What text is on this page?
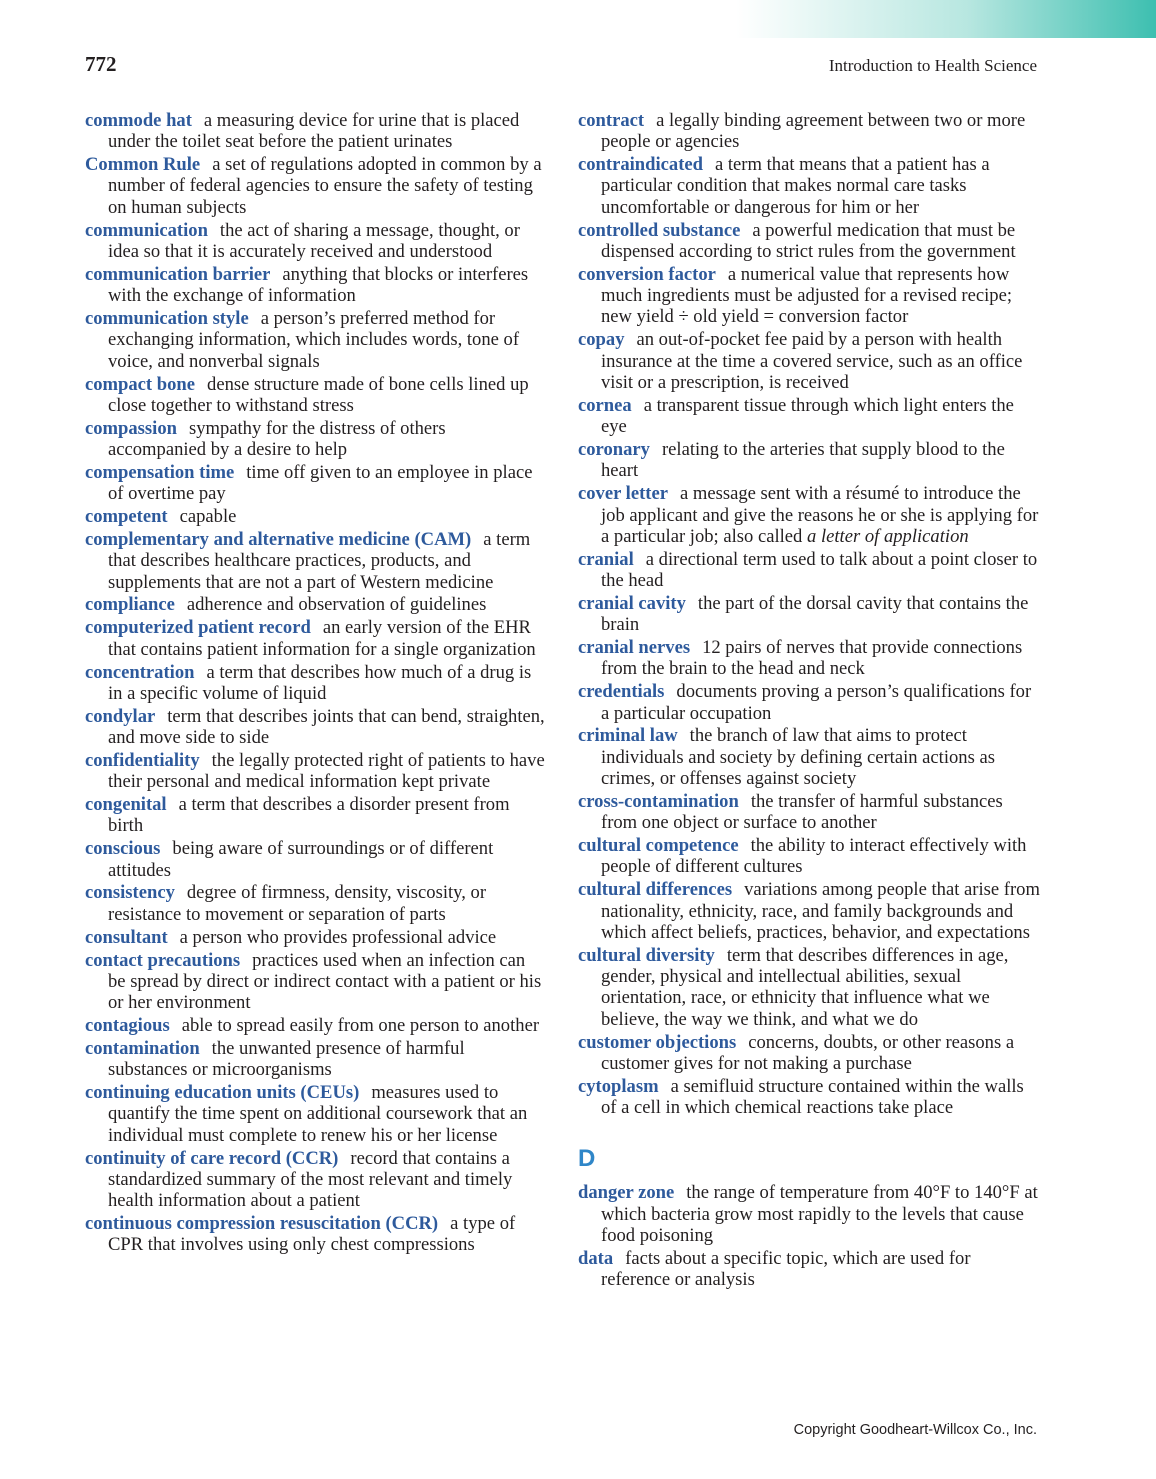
772	Introduction to Health Science
commode hat a measuring device for urine that is placed under the toilet seat before the patient urinates
Common Rule a set of regulations adopted in common by a number of federal agencies to ensure the safety of testing on human subjects
communication the act of sharing a message, thought, or idea so that it is accurately received and understood
communication barrier anything that blocks or interferes with the exchange of information
communication style a person’s preferred method for exchanging information, which includes words, tone of voice, and nonverbal signals
compact bone dense structure made of bone cells lined up close together to withstand stress
compassion sympathy for the distress of others accompanied by a desire to help
compensation time time off given to an employee in place of overtime pay
competent capable
complementary and alternative medicine (CAM) a term that describes healthcare practices, products, and supplements that are not a part of Western medicine
compliance adherence and observation of guidelines
computerized patient record an early version of the EHR that contains patient information for a single organization
concentration a term that describes how much of a drug is in a specific volume of liquid
condylar term that describes joints that can bend, straighten, and move side to side
confidentiality the legally protected right of patients to have their personal and medical information kept private
congenital a term that describes a disorder present from birth
conscious being aware of surroundings or of different attitudes
consistency degree of firmness, density, viscosity, or resistance to movement or separation of parts
consultant a person who provides professional advice
contact precautions practices used when an infection can be spread by direct or indirect contact with a patient or his or her environment
contagious able to spread easily from one person to another
contamination the unwanted presence of harmful substances or microorganisms
continuing education units (CEUs) measures used to quantify the time spent on additional coursework that an individual must complete to renew his or her license
continuity of care record (CCR) record that contains a standardized summary of the most relevant and timely health information about a patient
continuous compression resuscitation (CCR) a type of CPR that involves using only chest compressions
contract a legally binding agreement between two or more people or agencies
contraindicated a term that means that a patient has a particular condition that makes normal care tasks uncomfortable or dangerous for him or her
controlled substance a powerful medication that must be dispensed according to strict rules from the government
conversion factor a numerical value that represents how much ingredients must be adjusted for a revised recipe; new yield ÷ old yield = conversion factor
copay an out-of-pocket fee paid by a person with health insurance at the time a covered service, such as an office visit or a prescription, is received
cornea a transparent tissue through which light enters the eye
coronary relating to the arteries that supply blood to the heart
cover letter a message sent with a résumé to introduce the job applicant and give the reasons he or she is applying for a particular job; also called a letter of application
cranial a directional term used to talk about a point closer to the head
cranial cavity the part of the dorsal cavity that contains the brain
cranial nerves 12 pairs of nerves that provide connections from the brain to the head and neck
credentials documents proving a person’s qualifications for a particular occupation
criminal law the branch of law that aims to protect individuals and society by defining certain actions as crimes, or offenses against society
cross-contamination the transfer of harmful substances from one object or surface to another
cultural competence the ability to interact effectively with people of different cultures
cultural differences variations among people that arise from nationality, ethnicity, race, and family backgrounds and which affect beliefs, practices, behavior, and expectations
cultural diversity term that describes differences in age, gender, physical and intellectual abilities, sexual orientation, race, or ethnicity that influence what we believe, the way we think, and what we do
customer objections concerns, doubts, or other reasons a customer gives for not making a purchase
cytoplasm a semifluid structure contained within the walls of a cell in which chemical reactions take place
D
danger zone the range of temperature from 40°F to 140°F at which bacteria grow most rapidly to the levels that cause food poisoning
data facts about a specific topic, which are used for reference or analysis
Copyright Goodheart-Willcox Co., Inc.
